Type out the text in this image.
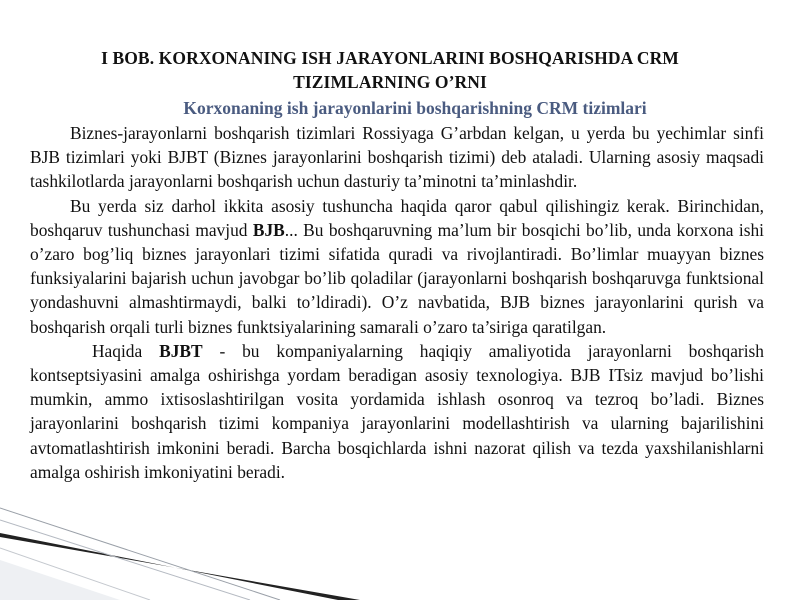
I BOB. KORXONANING ISH JARAYONLARINI BOSHQARISHDA CRM TIZIMLARNING O’RNI
Korxonaning ish jarayonlarini boshqarishning CRM tizimlari

Biznes-jarayonlarni boshqarish tizimlari Rossiyaga G’arbdan kelgan, u yerda bu yechimlar sinfi BJB tizimlari yoki BJBT (Biznes jarayonlarini boshqarish tizimi) deb ataladi. Ularning asosiy maqsadi tashkilotlarda jarayonlarni boshqarish uchun dasturiy ta’minotni ta’minlashdir.

Bu yerda siz darhol ikkita asosiy tushuncha haqida qaror qabul qilishingiz kerak. Birinchidan, boshqaruv tushunchasi mavjud BJB... Bu boshqaruvning ma’lum bir bosqichi bo’lib, unda korxona ishi o’zaro bog’liq biznes jarayonlari tizimi sifatida quradi va rivojlantiradi. Bo’limlar muayyan biznes funksiyalarini bajarish uchun javobgar bo’lib qoladilar (jarayonlarni boshqarish boshqaruvga funktsional yondashuvni almashtirmaydi, balki to’ldiradi). O’z navbatida, BJB biznes jarayonlarini qurish va boshqarish orqali turli biznes funktsiyalarining samarali o’zaro ta’siriga qaratilgan.

Haqida BJBT - bu kompaniyalarning haqiqiy amaliyotida jarayonlarni boshqarish kontseptsiyasini amalga oshirishga yordam beradigan asosiy texnologiya. BJB ITsiz mavjud bo’lishi mumkin, ammo ixtisoslashtirilgan vosita yordamida ishlash osonroq va tezroq bo’ladi. Biznes jarayonlarini boshqarish tizimi kompaniya jarayonlarini modellashtirish va ularning bajarilishini avtomatlashtirish imkonini beradi. Barcha bosqichlarda ishni nazorat qilish va tezda yaxshilanishlarni amalga oshirish imkoniyatini beradi.
